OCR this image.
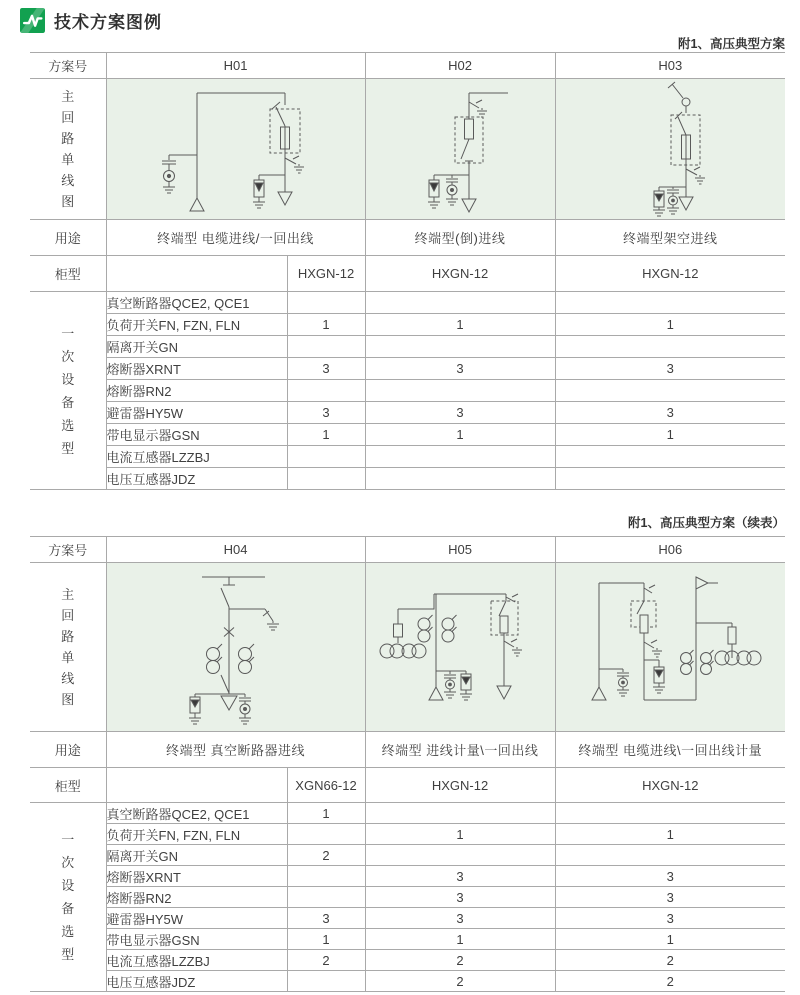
技术方案图例
附1、高压典型方案
附1、高压典型方案（续表）
方案号	H01		H02	H03

主回路单线图

用途	终端型 电缆进线/一回出线		终端型(倒)进线	终端型架空进线
柜型		HXGN-12	HXGN-12	HXGN-12

一次设备选型	真空断路器QCE2, QCE1			
	负荷开关FN, FZN, FLN	1	1	1
	隔离开关GN			
	熔断器XRNT	3	3	3
	熔断器RN2			
	避雷器HY5W	3	3	3
	带电显示器GSN	1	1	1
	电流互感器LZZBJ			
	电压互感器JDZ			
方案号	H04		H05	H06

主回路单线图

用途	终端型 真空断路器进线		终端型 进线计量\一回出线	终端型 电缆进线\一回出线计量
柜型		XGN66-12	HXGN-12	HXGN-12

一次设备选型	真空断路器QCE2, QCE1	1		
	负荷开关FN, FZN, FLN		1	1
	隔离开关GN	2		
	熔断器XRNT		3	3
	熔断器RN2		3	3
	避雷器HY5W	3	3	3
	带电显示器GSN	1	1	1
	电流互感器LZZBJ	2	2	2
	电压互感器JDZ		2	2
